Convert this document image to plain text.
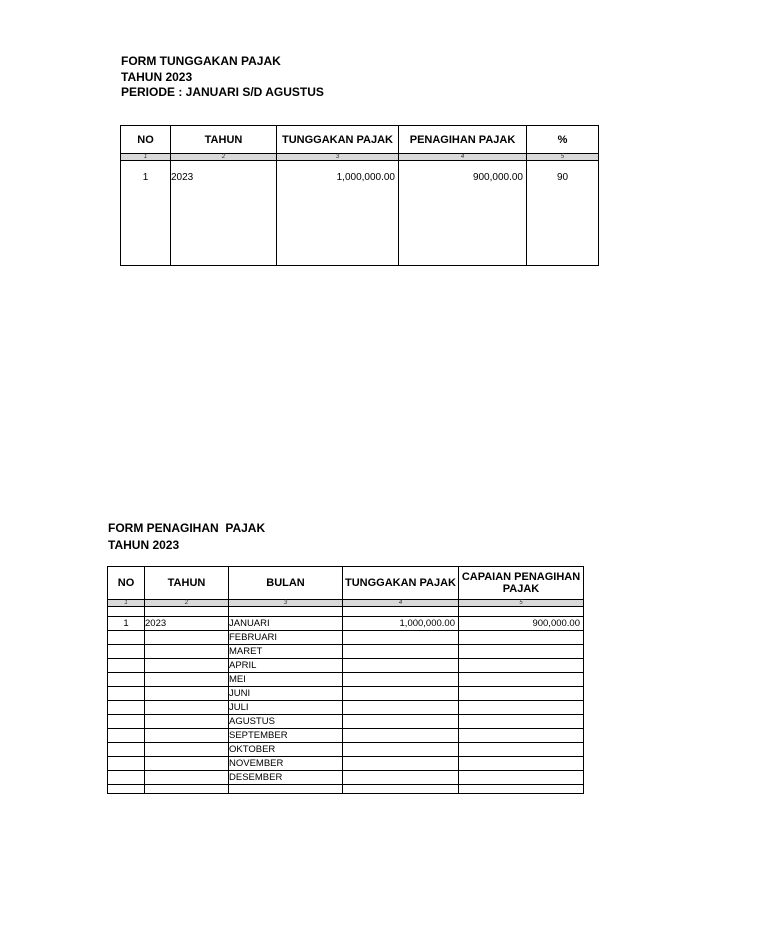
FORM TUNGGAKAN PAJAK
TAHUN 2023
PERIODE : JANUARI S/D AGUSTUS
NO	TAHUN	TUNGGAKAN PAJAK	PENAGIHAN PAJAK	%
1	2	3	4	5
1	2023	1,000,000.00	900,000.00	90
FORM PENAGIHAN  PAJAK
TAHUN 2023
NO	TAHUN	BULAN	TUNGGAKAN PAJAK	CAPAIAN PENAGIHAN PAJAK
1	2	3	4	5

1	2023	JANUARI	1,000,000.00	900,000.00
		FEBRUARI		
		MARET		
		APRIL		
		MEI		
		JUNI		
		JULI		
		AGUSTUS		
		SEPTEMBER		
		OKTOBER		
		NOVEMBER		
		DESEMBER		
